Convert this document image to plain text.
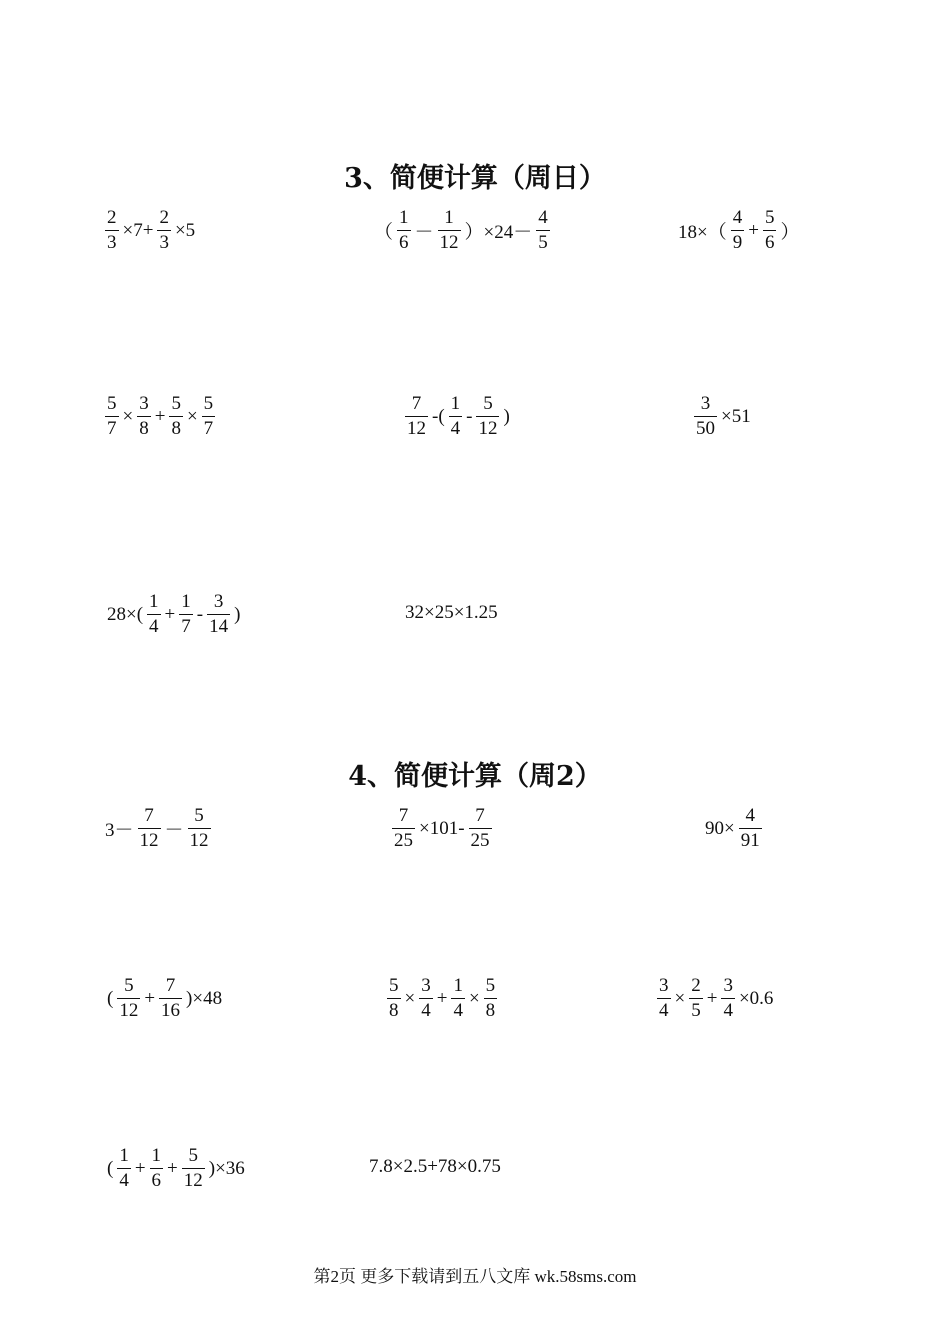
3、简便计算（周日）
$\frac{2}{3} \times 7+ \frac{2}{3} \times 5$	（ $\frac{1}{6} - \frac{1}{12} )\times 24- \frac{4}{5}$	$18\times( \frac{4}{9} + \frac{5}{6}$ ）
$\frac{5}{7} \times \frac{3}{8} + \frac{5}{8} \times \frac{5}{7}$	$\frac{7}{12}$ -( $\frac{1}{4} - \frac{5}{12}$ )	$\frac{3}{50} \times 51$
$28\times( \frac{1}{4} + \frac{1}{7} - \frac{3}{14}$ )	32×25×1.25
4、简便计算（周2）
$3- \frac{7}{12} - \frac{5}{12}$	$\frac{7}{25} \times 101- \frac{7}{25}$	$90\times \frac{4}{91}$
( $\frac{5}{12} + \frac{7}{16} )\times 48$	$\frac{5}{8} \times \frac{3}{4} + \frac{1}{4} \times \frac{5}{8}$	$\frac{3}{4} \times \frac{2}{5} + \frac{3}{4} \times 0.6$
( $\frac{1}{4} + \frac{1}{6} + \frac{5}{12} )\times 36$	7.8×2.5+78×0.75
第2页 更多下载请到五八文库 wk.58sms.com
